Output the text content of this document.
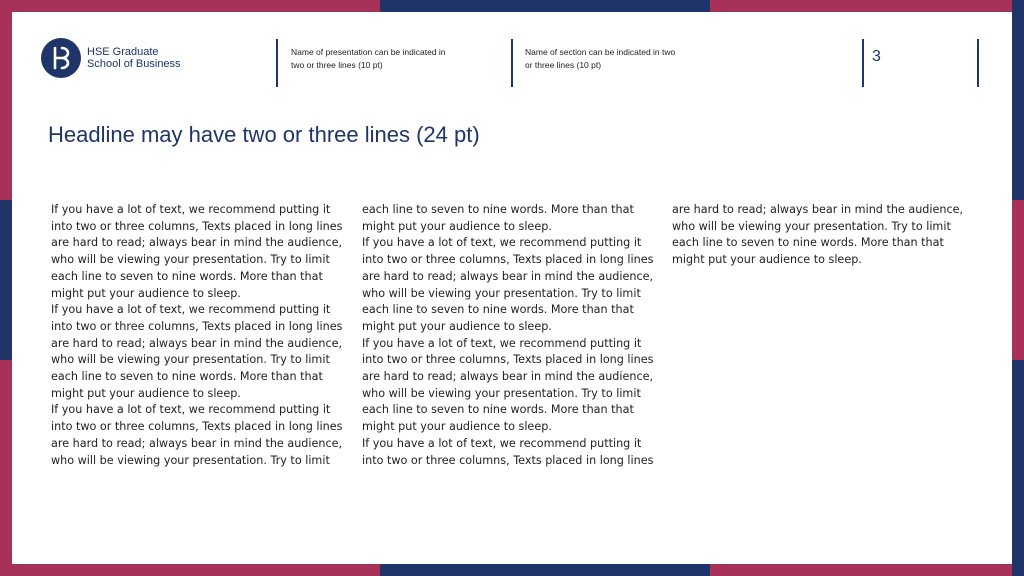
HSE Graduate
School of Business
Name of presentation can be indicated in
two or three lines (10 pt)
Name of section can be indicated in two
or three lines (10 pt)	3
Headline may have two or three lines (24 pt)

If you have a lot of text, we recommend putting it

into two or three columns, Texts placed in long lines

are hard to read; always bear in mind the audience,

who will be viewing your presentation. Try to limit

each line to seven to nine words. More than that

might put your audience to sleep.

If you have a lot of text, we recommend putting it

into two or three columns, Texts placed in long lines

are hard to read; always bear in mind the audience,

who will be viewing your presentation. Try to limit

each line to seven to nine words. More than that

might put your audience to sleep.

If you have a lot of text, we recommend putting it

into two or three columns, Texts placed in long lines

are hard to read; always bear in mind the audience,

who will be viewing your presentation. Try to limit

each line to seven to nine words. More than that

might put your audience to sleep.

If you have a lot of text, we recommend putting it

into two or three columns, Texts placed in long lines

are hard to read; always bear in mind the audience,

who will be viewing your presentation. Try to limit

each line to seven to nine words. More than that

might put your audience to sleep.

If you have a lot of text, we recommend putting it

into two or three columns, Texts placed in long lines

are hard to read; always bear in mind the audience,

who will be viewing your presentation. Try to limit

each line to seven to nine words. More than that

might put your audience to sleep.

If you have a lot of text, we recommend putting it

into two or three columns, Texts placed in long lines

are hard to read; always bear in mind the audience,

who will be viewing your presentation. Try to limit

each line to seven to nine words. More than that

might put your audience to sleep.
